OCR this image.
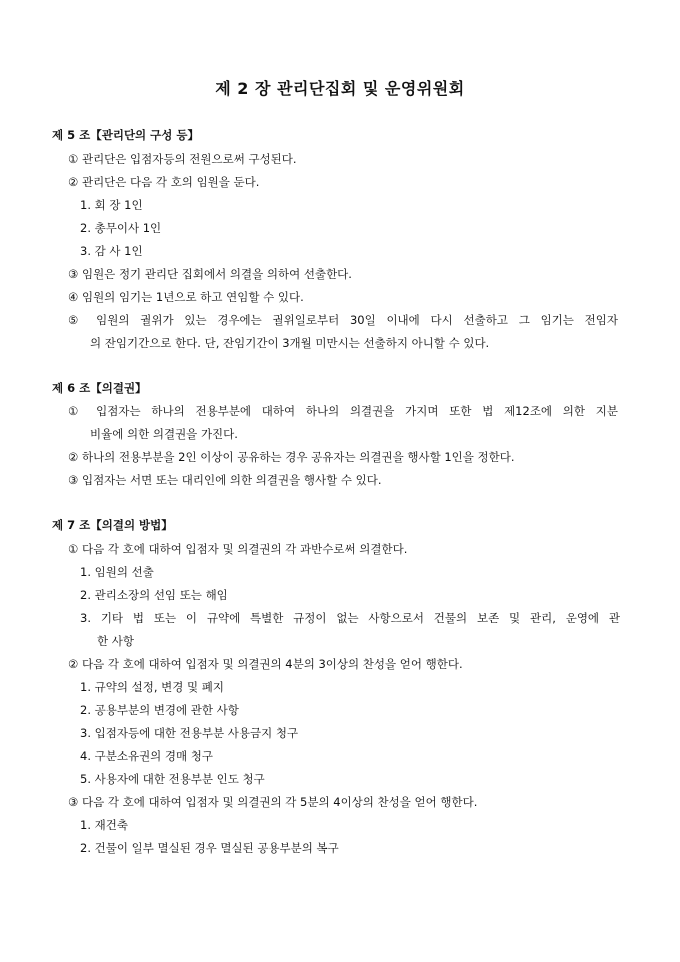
제 2 장 관리단집회 및 운영위원회
제 5 조【관리단의 구성 등】
① 관리단은 입점자등의 전원으로써 구성된다.
② 관리단은 다음 각 호의 임원을 둔다.
1. 회 장 1인
2. 총무이사 1인
3. 감 사 1인
③ 임원은 정기 관리단 집회에서 의결을 의하여 선출한다.
④ 임원의 임기는 1년으로 하고 연임할 수 있다.
⑤ 임원의 궐위가 있는 경우에는 궐위일로부터 30일 이내에 다시 선출하고 그 임기는 전임자
의 잔임기간으로 한다. 단, 잔임기간이 3개월 미만시는 선출하지 아니할 수 있다.
제 6 조【의결권】
① 입점자는 하나의 전용부분에 대하여 하나의 의결권을 가지며 또한 법 제12조에 의한 지분
비율에 의한 의결권을 가진다.
② 하나의 전용부분을 2인 이상이 공유하는 경우 공유자는 의결권을 행사할 1인을 정한다.
③ 입점자는 서면 또는 대리인에 의한 의결권을 행사할 수 있다.
제 7 조【의결의 방법】
① 다음 각 호에 대하여 입점자 및 의결권의 각 과반수로써 의결한다.
1. 임원의 선출
2. 관리소장의 선임 또는 해임
3. 기타 법 또는 이 규약에 특별한 규정이 없는 사항으로서 건물의 보존 및 관리, 운영에 관
한 사항
② 다음 각 호에 대하여 입점자 및 의결권의 4분의 3이상의 찬성을 얻어 행한다.
1. 규약의 설정, 변경 및 폐지
2. 공용부분의 변경에 관한 사항
3. 입점자등에 대한 전용부분 사용금지 청구
4. 구분소유권의 경매 청구
5. 사용자에 대한 전용부분 인도 청구
③ 다음 각 호에 대하여 입점자 및 의결권의 각 5분의 4이상의 찬성을 얻어 행한다.
1. 재건축
2. 건물이 일부 멸실된 경우 멸실된 공용부분의 복구
